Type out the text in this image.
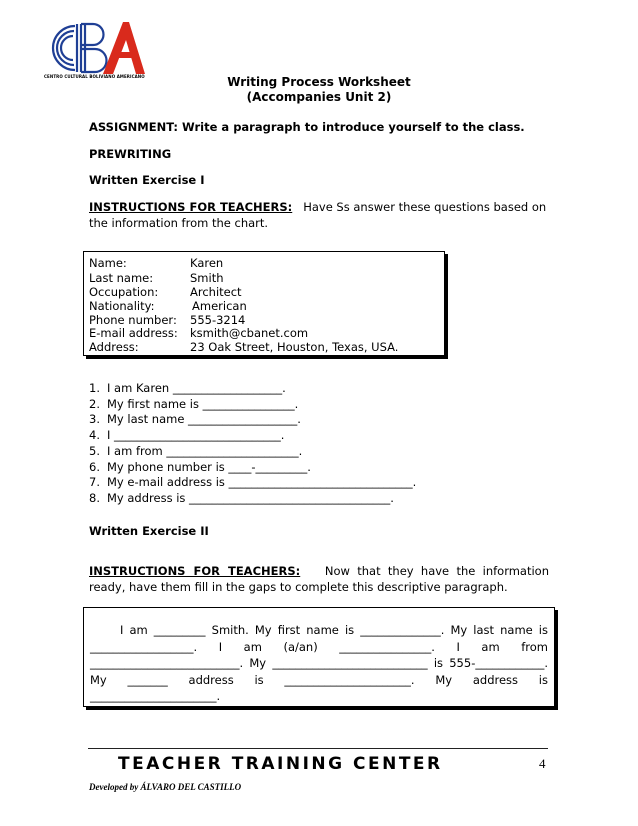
CENTRO CULTURAL BOLIVIANO AMERICANO	Writing Process Worksheet
(Accompanies Unit 2)
ASSIGNMENT: Write a paragraph to introduce yourself to the class.
PREWRITING
Written Exercise I
INSTRUCTIONS FOR TEACHERS: Have Ss answer these questions based on
the information from the chart.
Name:	Karen
Last name:	Smith
Occupation:	Architect
Nationality:	American
Phone number: 555-3214
E-mail address: ksmith@cbanet.com
Address:	23 Oak Street, Houston, Texas, USA.
1. I am Karen ___________________.
2. My first name is ________________.
3. My last name ___________________.
4. I _____________________________.
5. I am from _______________________.
6. My phone number is ____-_________.
7. My e-mail address is ________________________________.
8. My address is ___________________________________.
Written Exercise II
INSTRUCTIONS  FOR  TEACHERS: Now  that  they  have  the  information
ready, have them fill in the gaps to complete this descriptive paragraph.
I am _________ Smith. My first name is ______________. My last name is __________________. I am (a/an) ________________. I am from __________________________. My ___________________________ is 555-____________. My _______ address is ______________________. My address is ______________________.
TEACHER TRAINING CENTER	4
Developed by ÁLVARO DEL CASTILLO
